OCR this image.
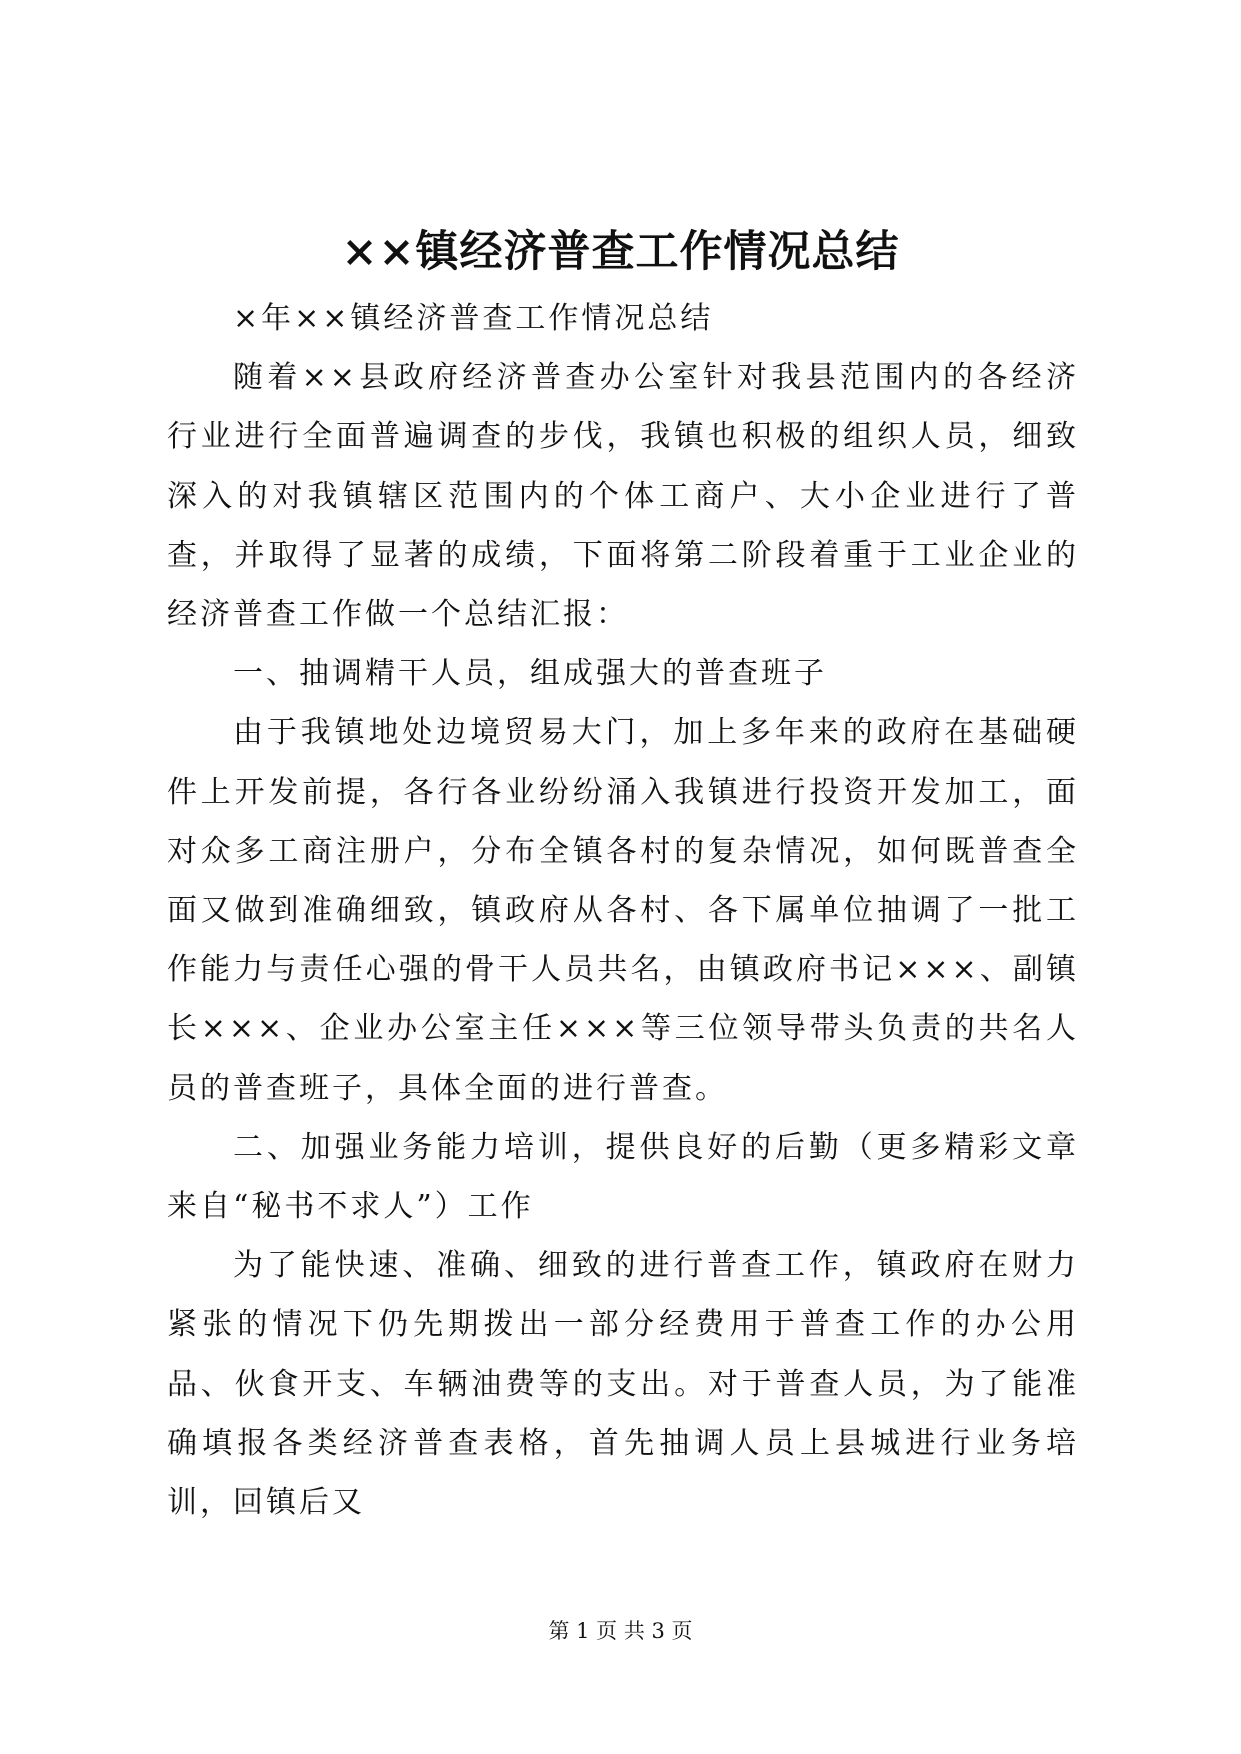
××镇经济普查工作情况总结

×年××镇经济普查工作情况总结

随着××县政府经济普查办公室针对我县范围内的各经济行业进行全面普遍调查的步伐，我镇也积极的组织人员，细致深入的对我镇辖区范围内的个体工商户、大小企业进行了普查，并取得了显著的成绩，下面将第二阶段着重于工业企业的经济普查工作做一个总结汇报：

一、抽调精干人员，组成强大的普查班子

由于我镇地处边境贸易大门，加上多年来的政府在基础硬件上开发前提，各行各业纷纷涌入我镇进行投资开发加工，面对众多工商注册户，分布全镇各村的复杂情况，如何既普查全面又做到准确细致，镇政府从各村、各下属单位抽调了一批工作能力与责任心强的骨干人员共名，由镇政府书记×××、副镇长×××、企业办公室主任×××等三位领导带头负责的共名人员的普查班子，具体全面的进行普查。

二、加强业务能力培训，提供良好的后勤（更多精彩文章来自“秘书不求人”）工作

为了能快速、准确、细致的进行普查工作，镇政府在财力紧张的情况下仍先期拨出一部分经费用于普查工作的办公用品、伙食开支、车辆油费等的支出。对于普查人员，为了能准确填报各类经济普查表格，首先抽调人员上县城进行业务培训，回镇后又

第 1 页 共 3 页
